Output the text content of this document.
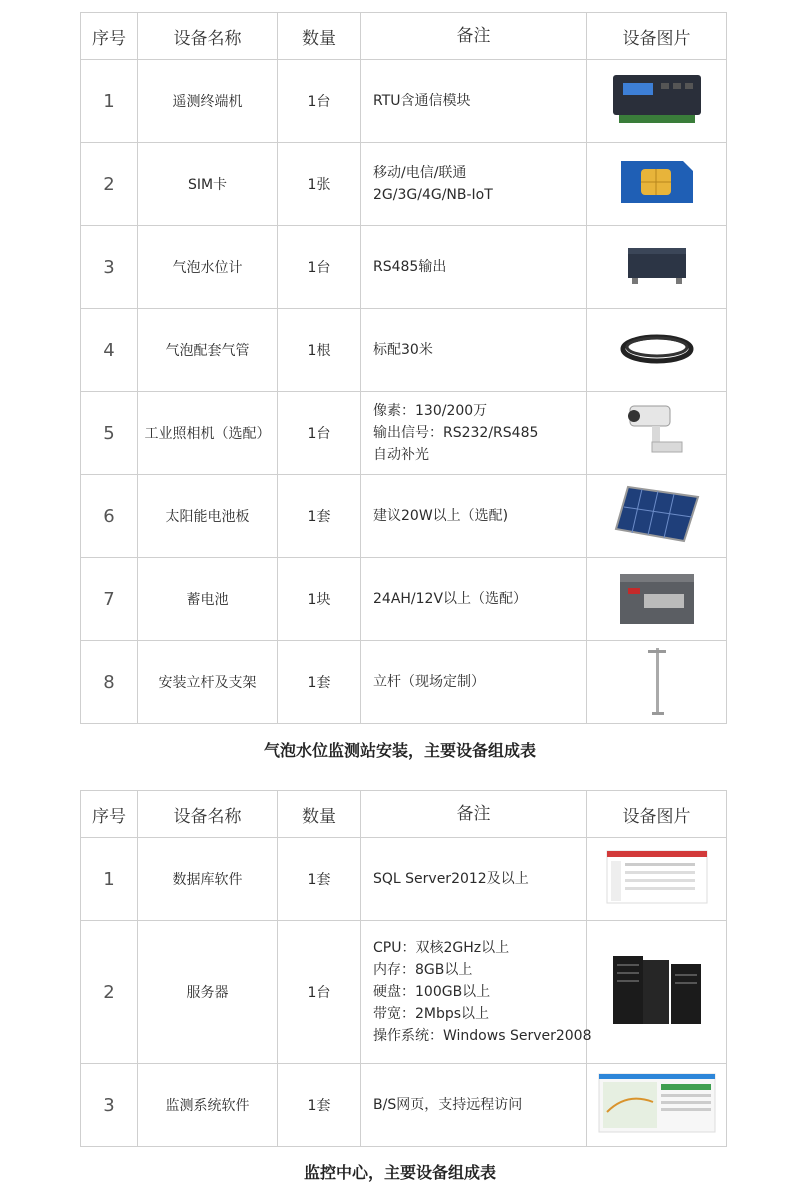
序号	设备名称	数量	备注	设备图片
1	遥测终端机	1台	RTU含通信模块

2	SIM卡	1张	移动/电信/联通
2G/3G/4G/NB-IoT

3	气泡水位计	1台	RS485输出

4	气泡配套气管	1根	标配30米

5	工业照相机（选配）	1台	像素：130/200万
输出信号：RS232/RS485
自动补光

6	太阳能电池板	1套	建议20W以上（选配)

7	蓄电池	1块	24AH/12V以上（选配）

8	安装立杆及支架	1套	立杆（现场定制）

气泡水位监测站安装，主要设备组成表
序号	设备名称	数量	备注	设备图片
1	数据库软件	1套	SQL Server2012及以上

2	服务器	1台	CPU：双核2GHz以上
内存：8GB以上
硬盘：100GB以上
带宽：2Mbps以上
操作系统：Windows Server2008

3	监测系统软件	1套	B/S网页，支持远程访问

监控中心，主要设备组成表
